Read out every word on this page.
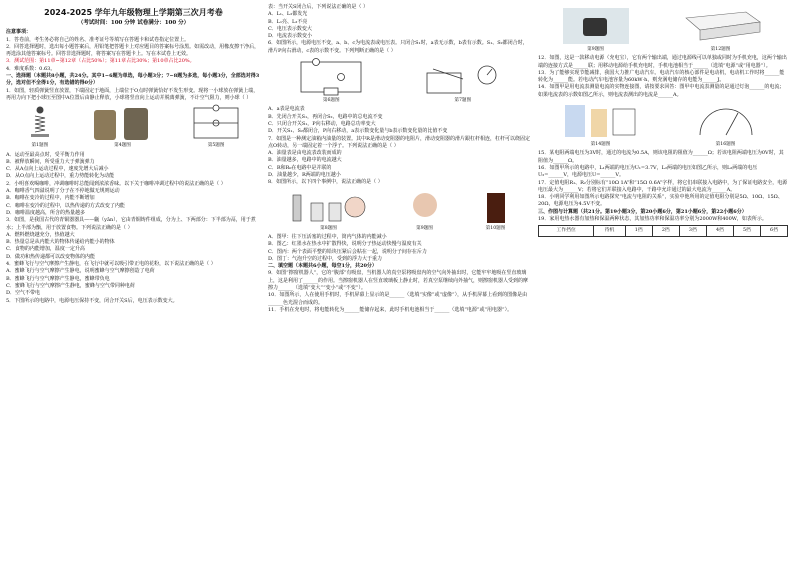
2024-2025 学年九年级物理上学期第三次月考卷
（考试时间：100 分钟 试卷满分：100 分）

注意事项：

1．答卷前，考生务必将自己的姓名、准考证号等填写在答题卡和试卷指定位置上。

2．回答选择题时，选出每小题答案后，用铅笔把答题卡上对应题目的答案标号涂黑。如需改动，用橡皮擦干净后，再选涂其他答案标号。回答非选择题时，将答案写在答题卡上。写在本试卷上无效。

3．测试范围：第11章~第12章（占比50%）；第11章占比30%；第10章占比20%。

4．难度系数：0.63。

一、选择题（本题共8小题，共24分。其中1~6题为单选，每小题3分；7~8题为多选，每小题3分，全部选对得3分，选对但不全得1分，有选错的得0分）

1．如图，轻质弹簧竖直放置，下端固定于地面，上端位于O点时弹簧恰好不发生形变。现将一小球放在弹簧上端，再用力向下把小球压至图中A位置后由静止释放，小球将竖直向上运动并脱离弹簧，不计空气阻力，则小球（ ）

第1题图	第4题图	第5题图

A．运动至最高点时，受平衡力作用

B．被释放瞬间，所受重力大于弹簧弹力

C．从A点向上运动过程中，速度先增大后减小

D．从O点向上运动过程中，重力势能转化为动能

2．小明喜欢喝咖啡，冲调咖啡时总能闻到浓浓香味。以下关于咖啡冲调过程中的说法正确的是（ ）

A．咖啡香气四溢说明了分子在不停地做无规则运动

B．咖啡在变冷的过程中，内能不断增加

C．咖啡在变冷的过程中，以热传递的方式改变了内能

D．咖啡温度越高，所含的热量越多

3．如图，是我国古代的青铜器器具——甗（yǎn），它由青铜铸件组成，分为上、下两部分：下半部为鬲，用于煮水；上半部为甑，用于放置食物。下列说法正确的是（ ）

A．燃料燃烧越充分，热值越大

B．热量总是从内能大的物体传递给内能小的物体

C．食物的内能增加，温度一定升高

D．做功和热传递都可以改变物体的内能

4．蜜蜂飞行与空气摩擦产生静电，在飞行中就可以吸引带正电的花粉，以下说法正确的是（ ）

A．蜜蜂飞行与空气摩擦产生静电，说明蜜蜂与空气摩擦创造了电荷

B．蜜蜂飞行与空气摩擦产生静电，蜜蜂带负电

C．蜜蜂飞行与空气摩擦产生静电，蜜蜂与空气带同种电荷

D．空气不带电

5．下图所示的电路中，电源电压保持不变，闭合开关S后，电压表示数变大。

表：当开关S闭合后，下列说法正确的是（ ）

A．L₁、L₂都发光

B．L₁亮、L₂不亮

C．电压表示数变大

D．电流表示数变小

6．如图所示，电源电压不变，a、b、c为电流表或电压表。只闭合S₁时，a表无示数，b表有示数。S₁、S₂都闭合时，滑片P向右滑动，c表的示数不变。下列判断正确的是（ ）

第6题图	第7题图

A．a表是电流表

B．先闭合开关S₁，再闭合S₂，电路中的总电流不变

C．只闭合开关S₁，P向右移动，电路总功率变大

D．开关S₁、S₂都闭合，P向右移动，a表示数变化量与b表示数变化量的比值不变

7．如图是一种测定油箱内油量的装置。其中R是滑动变阻器的电阻片，滑动变阻器的滑片跟杠杆相连，杠杆可以绕固定点O转动，另一端固定着一个浮子。下列说法正确的是（ ）

A．油量表是由电流表改装而成的

B．油量越多，电路中的电流越大

C．R和R₀在电路中是并联的

D．油量越少，R两端的电压越小

8．如图所示，以下四个事例中，说法正确的是（ ）

第8题图	第9题图	第10题图

A．图甲：往下压活塞的过程中，筒内气体的内能减小

B．图乙：红墨水在热水中扩散得快，说明分子热运动快慢与温度有关

C．图丙：两个表面平整的铅块压紧后会粘在一起，说明分子间存在斥力

D．图丁：气泡升空的过程中，受到的浮力大于重力

二、填空题（本题共6小题，每空1分，共20分）

9．如图“擦窗机器人”，它的“腹部”有吸盘，当机器人的真空泵将吸盘内的空气向外抽出时，它能牢牢地吸在竖直玻璃上，这是利用了______的作用。当擦窗机器人在竖直玻璃板上静止时，若真空泵继续向外抽气，则擦窗机器人受到的摩擦力______（选填“变大”“变小”或“不变”）。

10．如图所示，人在使用手机时，手机屏幕上显示的是______（选填“实像”或“虚像”），从手机屏幕上看到的图像是由______色光混合而成的。

11．手机在充电时，将电能转化为______能储存起来，此时手机电池相当于______（选填“电源”或“用电器”）。

第9题图	第12题图

12．如图，这是一款移动电源（充电宝），它有两个输出端，通过电源线可以单独或同时为手机充电，这两个输出端的连接方式是______联；用移动电源给手机充电时，手机电池相当于______（选填“电源”或“用电器”）。

13．为了能够实现节能减排，我国大力推广电动汽车。电动汽车的核心部件是电动机，电动机工作时将______能转化为______能。若电动汽车电池容量为60kW·h，则充满电储存的电能为______J。

14．如图甲是用电流表测量电流的实物连接图，请按要求回答：图甲中电流表测量的是通过灯泡______的电流；如果电流表的示数如图乙所示，则电流表测出的电流是______A。

第14题图	第16题图

15．某电阻两端电压为3V时，通过的电流为0.5A，则该电阻的阻值为______Ω；若该电阻两端电压为0V时，其阻值为______Ω。

16．如图甲所示的电路中，L₁两端的电压为U₁=3.7V，L₂两端的电压如图乙所示，则L₂两端的电压U₂=______V，电源电压U=______V。

17．定值电阻R₁、R₂分别标有“10Ω 1A”和“15Ω 0.6A”字样，将它们串联接入电路中，为了保证电路安全，电源电压最大为______V；若将它们并联接入电路中，干路中允许通过的最大电流为______A。

18．小明同学利用如图所示电路探究“电流与电阻的关系”，实验中他所用的定值电阻分别是5Ω、10Ω、15Ω、20Ω，电源电压为4.5V不变。

三、作图与计算题（共21分。第19小题3分，第20小题6分，第21小题6分，第22小题6分）

19．家用电热水器有加热和保温两种状态，其加热功率和保温功率分别为2000W和400W，如表所示。

工作挡位	待机	1挡	2挡	3挡	4挡	5挡	6挡
